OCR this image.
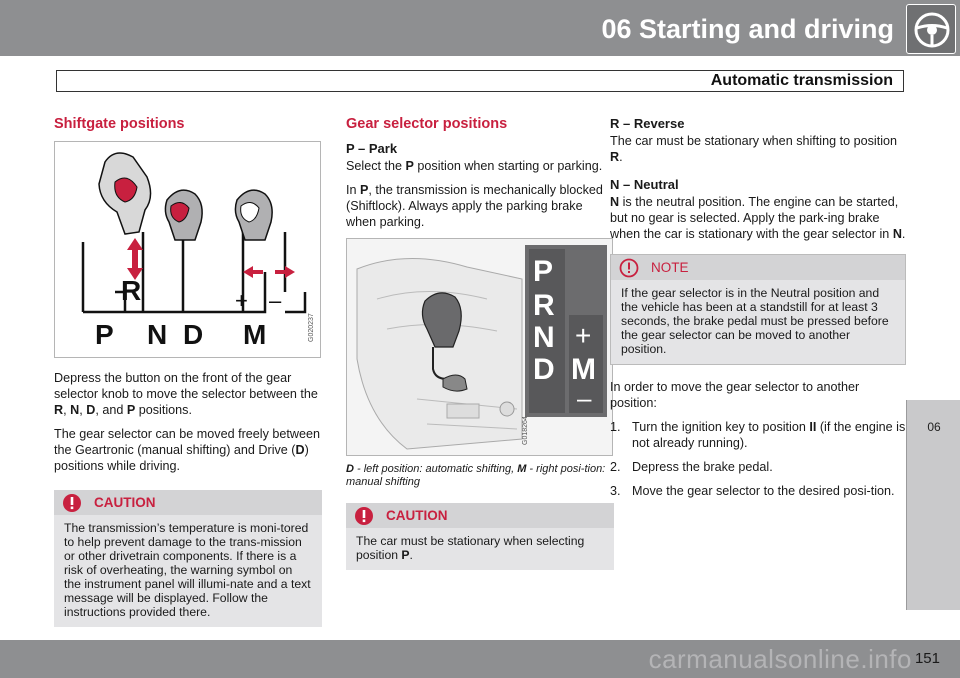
06 Starting and driving
Automatic transmission
06
Shiftgate positions
R	+ –
P N D M	G020237

Depress the button on the front of the gear selector knob to move the selector between the R, N, D, and P positions.

The gear selector can be moved freely between the Geartronic (manual shifting) and Drive (D) positions while driving.

CAUTION
The transmission’s temperature is moni-tored to help prevent damage to the trans-mission or other drivetrain components. If there is a risk of overheating, the warning symbol on the instrument panel will illumi-nate and a text message will be displayed. Follow the instructions provided there.
Gear selector positions
P – Park

Select the P position when starting or parking.

In P, the transmission is mechanically blocked (Shiftlock). Always apply the parking brake when parking.

P
R
N
D
+
M
–
G018264
D - left position: automatic shifting, M - right posi-tion: manual shifting
CAUTION
The car must be stationary when selecting position P.
R – Reverse

The car must be stationary when shifting to position R.

N – Neutral

N is the neutral position. The engine can be started, but no gear is selected. Apply the park-ing brake when the car is stationary with the gear selector in N.

NOTE
If the gear selector is in the Neutral position and the vehicle has been at a standstill for at least 3 seconds, the brake pedal must be pressed before the gear selector can be moved to another position.

In order to move the gear selector to another position:

1. Turn the ignition key to position II (if the engine is not already running).
2. Depress the brake pedal.
3. Move the gear selector to the desired posi-tion.
carmanualsonline.info 151
